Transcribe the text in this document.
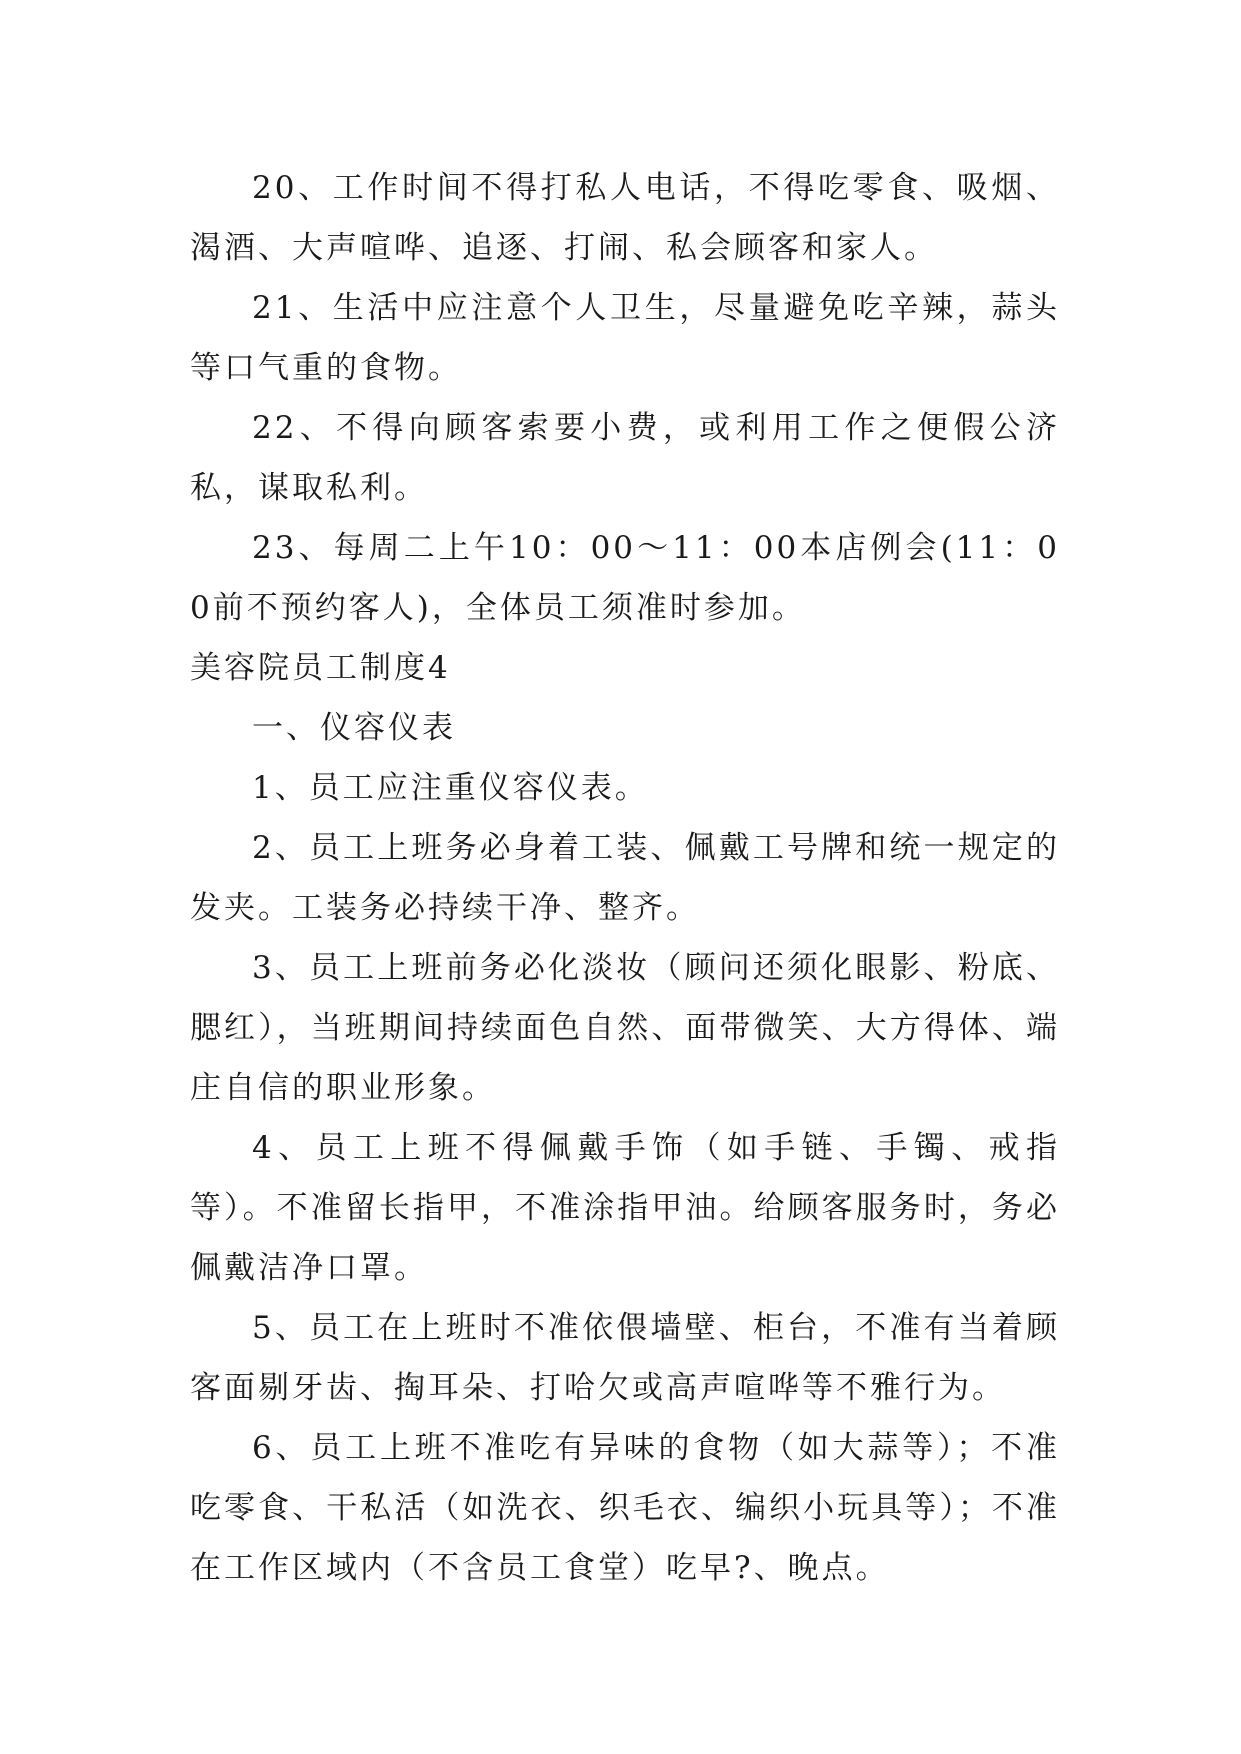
20、工作时间不得打私人电话，不得吃零食、吸烟、渴酒、大声喧哗、追逐、打闹、私会顾客和家人。

21、生活中应注意个人卫生，尽量避免吃辛辣，蒜头等口气重的食物。

22、不得向顾客索要小费，或利用工作之便假公济私，谋取私利。

23、每周二上午10：00～11：00本店例会(11：00前不预约客人)，全体员工须准时参加。

美容院员工制度4

一、仪容仪表

1、员工应注重仪容仪表。

2、员工上班务必身着工装、佩戴工号牌和统一规定的发夹。工装务必持续干净、整齐。

3、员工上班前务必化淡妆（顾问还须化眼影、粉底、腮红），当班期间持续面色自然、面带微笑、大方得体、端庄自信的职业形象。

4、员工上班不得佩戴手饰（如手链、手镯、戒指等）。不准留长指甲，不准涂指甲油。给顾客服务时，务必佩戴洁净口罩。

5、员工在上班时不准依偎墙壁、柜台，不准有当着顾客面剔牙齿、掏耳朵、打哈欠或高声喧哗等不雅行为。

6、员工上班不准吃有异味的食物（如大蒜等）；不准吃零食、干私活（如洗衣、织毛衣、编织小玩具等）；不准在工作区域内（不含员工食堂）吃早?、晚点。
